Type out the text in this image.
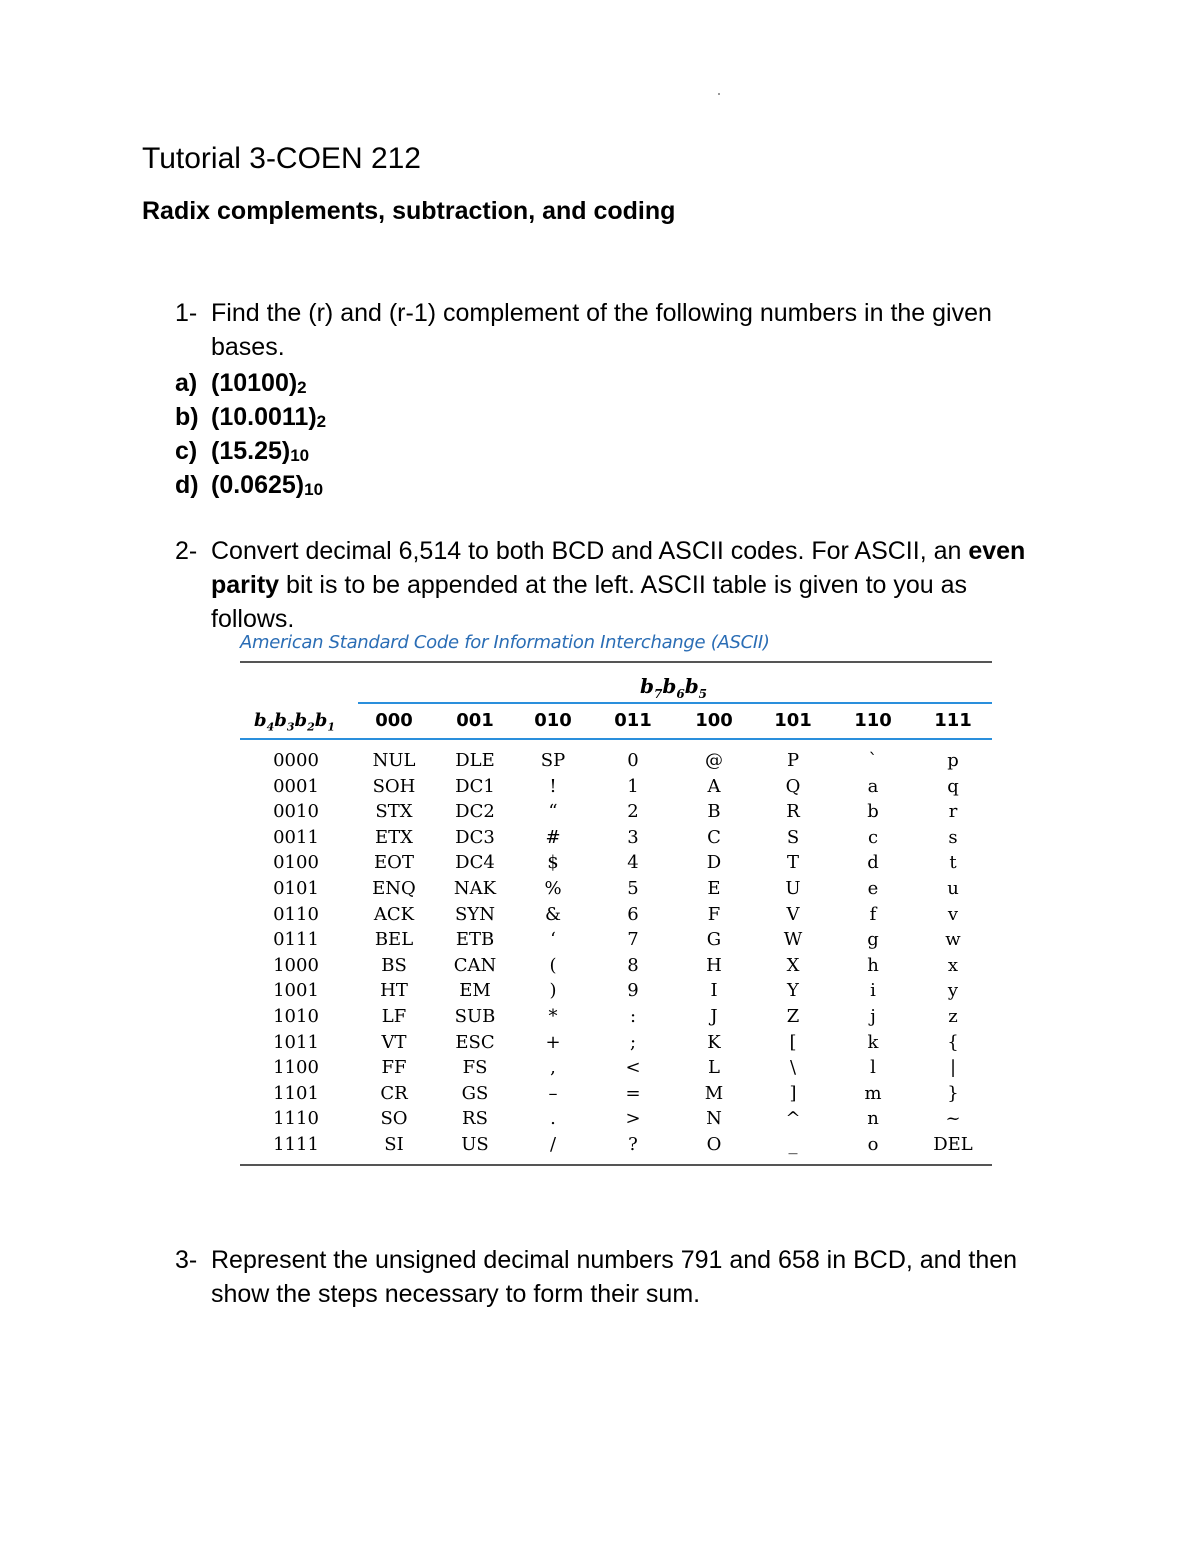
Tutorial 3-COEN 212
Radix complements, subtraction, and coding
1- Find the (r) and (r-1) complement of the following numbers in the given bases.
a) $(10100)_2$
b) $(10.0011)_2$
c) $(15.25)_{10}$
d) $(0.0625)_{10}$
2- Convert decimal 6,514 to both BCD and ASCII codes. For ASCII, an even parity bit is to be appended at the left. ASCII table is given to you as follows.
American Standard Code for Information Interchange (ASCII)
$b_7b_6b_5$
$b_4b_3b_2b_1$	000	001	010	011	100	101	110	111
0000	NUL	DLE	SP	0	@	P	`	p
0001	SOH	DC1	!	1	A	Q	a	q
0010	STX	DC2	“	2	B	R	b	r
0011	ETX	DC3	#	3	C	S	c	s
0100	EOT	DC4	$	4	D	T	d	t
0101	ENQ	NAK	%	5	E	U	e	u
0110	ACK	SYN	&	6	F	V	f	v
0111	BEL	ETB	‘	7	G	W	g	w
1000	BS	CAN	(	8	H	X	h	x
1001	HT	EM	)	9	I	Y	i	y
1010	LF	SUB	*	:	J	Z	j	z
1011	VT	ESC	+	;	K	[	k	{
1100	FF	FS	,	<	L	\	l	|
1101	CR	GS	–	=	M	]	m	}
1110	SO	RS	.	>	N	^	n	~
1111	SI	US	/	?	O	_	o	DEL
3- Represent the unsigned decimal numbers 791 and 658 in BCD, and then show the steps necessary to form their sum.
